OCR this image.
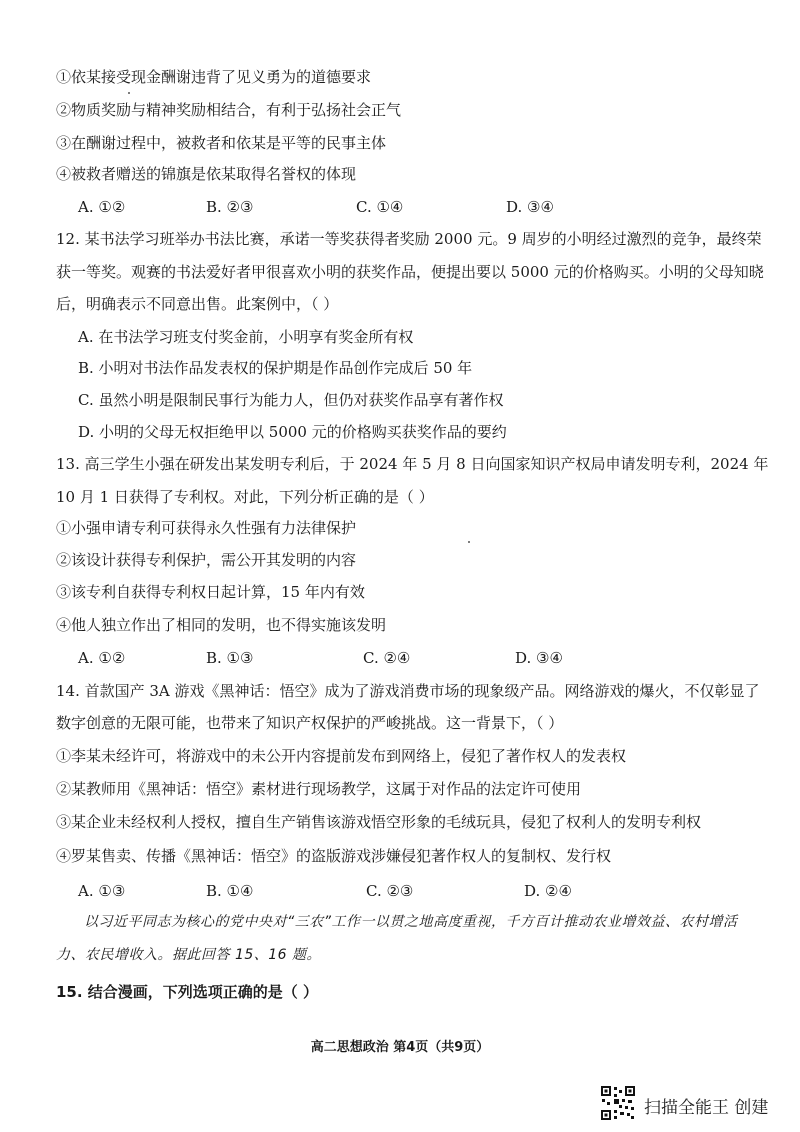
①依某接受现金酬谢违背了见义勇为的道德要求
②物质奖励与精神奖励相结合，有利于弘扬社会正气
③在酬谢过程中，被救者和依某是平等的民事主体
④被救者赠送的锦旗是依某取得名誉权的体现
A. ①②	B. ②③	C. ①④	D. ③④
12. 某书法学习班举办书法比赛，承诺一等奖获得者奖励 2000 元。9 周岁的小明经过激烈的竞争，最终荣
获一等奖。观赛的书法爱好者甲很喜欢小明的获奖作品，便提出要以 5000 元的价格购买。小明的父母知晓
后，明确表示不同意出售。此案例中，（ ）
A. 在书法学习班支付奖金前，小明享有奖金所有权
B. 小明对书法作品发表权的保护期是作品创作完成后 50 年
C. 虽然小明是限制民事行为能力人，但仍对获奖作品享有著作权
D. 小明的父母无权拒绝甲以 5000 元的价格购买获奖作品的要约
13. 高三学生小强在研发出某发明专利后，于 2024 年 5 月 8 日向国家知识产权局申请发明专利，2024 年
10 月 1 日获得了专利权。对此，下列分析正确的是（ ）
①小强申请专利可获得永久性强有力法律保护
②该设计获得专利保护，需公开其发明的内容
③该专利自获得专利权日起计算，15 年内有效
④他人独立作出了相同的发明，也不得实施该发明
A. ①②	B. ①③	C. ②④	D. ③④
14. 首款国产 3A 游戏《黑神话：悟空》成为了游戏消费市场的现象级产品。网络游戏的爆火，不仅彰显了
数字创意的无限可能，也带来了知识产权保护的严峻挑战。这一背景下，（ ）
①李某未经许可，将游戏中的未公开内容提前发布到网络上，侵犯了著作权人的发表权
②某教师用《黑神话：悟空》素材进行现场教学，这属于对作品的法定许可使用
③某企业未经权利人授权，擅自生产销售该游戏悟空形象的毛绒玩具，侵犯了权利人的发明专利权
④罗某售卖、传播《黑神话：悟空》的盗版游戏涉嫌侵犯著作权人的复制权、发行权
A. ①③	B. ①④	C. ②③	D. ②④
以习近平同志为核心的党中央对“三农”工作一以贯之地高度重视，千方百计推动农业增效益、农村增活力、农民增收入。据此回答 15、16 题。
15. 结合漫画，下列选项正确的是（ ）
高二思想政治 第4页（共9页）
扫描全能王 创建
